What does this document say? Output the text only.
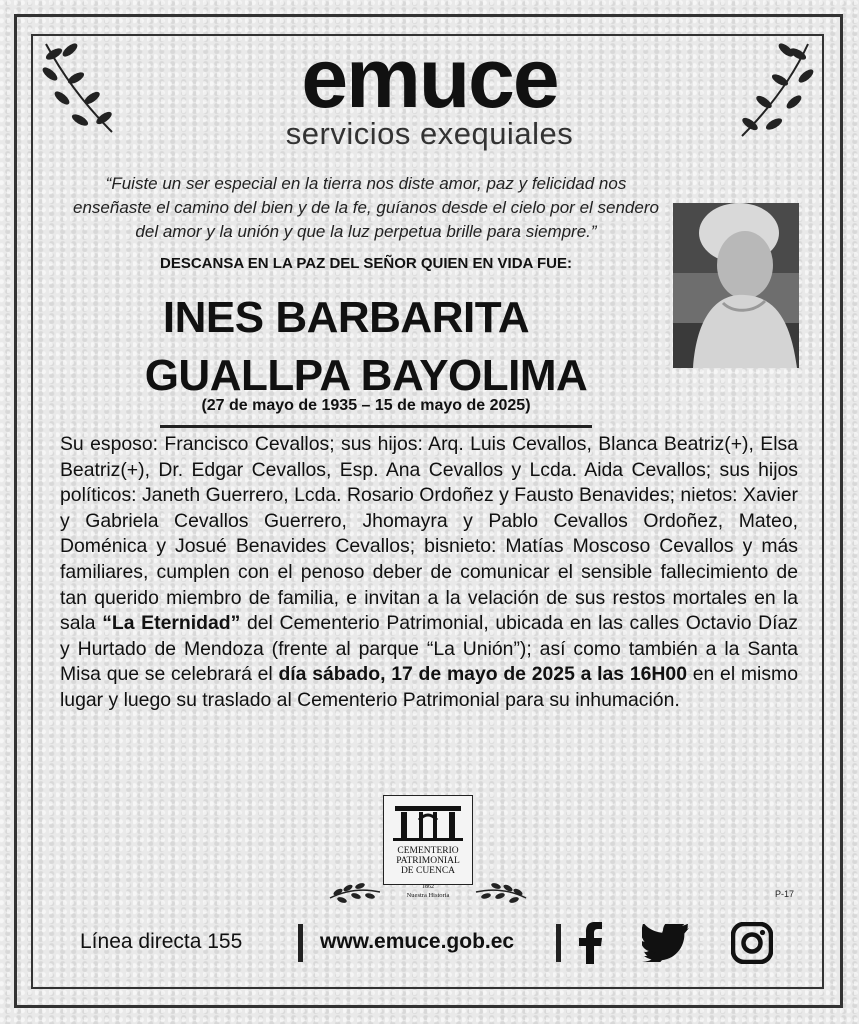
emuce
servicios exequiales
“Fuiste un ser especial en la tierra nos diste amor, paz y felicidad nos enseñaste el camino del bien y de la fe, guíanos desde el cielo por el sendero del amor y la unión y que la luz perpetua brille para siempre.”
DESCANSA EN LA PAZ DEL SEÑOR QUIEN EN VIDA FUE:
INES BARBARITA
GUALLPA BAYOLIMA
(27 de mayo de 1935 – 15 de mayo de 2025)
Su esposo: Francisco Cevallos; sus hijos: Arq. Luis Cevallos, Blanca Beatriz(+), Elsa Beatriz(+), Dr. Edgar Cevallos, Esp. Ana Cevallos y Lcda. Aida Cevallos; sus hijos políticos: Janeth Guerrero, Lcda. Rosario Ordoñez y Fausto Benavides; nietos: Xavier y Gabriela Cevallos Guerrero, Jhomayra y Pablo Cevallos Ordoñez, Mateo, Doménica y Josué Benavides Cevallos; bisnieto: Matías Moscoso Cevallos y más familiares, cumplen con el penoso deber de comunicar el sensible fallecimiento de tan querido miembro de familia, e invitan a la velación de sus restos mortales en la sala “La Eternidad” del Cementerio Patrimonial, ubicada en las calles Octavio Díaz y Hurtado de Mendoza (frente al parque “La Unión”); así como también a la Santa Misa que se celebrará el día sábado, 17 de mayo de 2025 a las 16H00 en el mismo lugar y luego su traslado al Cementerio Patrimonial para su inhumación.
CEMENTERIO
PATRIMONIAL
DE CUENCA
1862
Nuestra Historia	P-17
Línea directa 155	www.emuce.gob.ec
